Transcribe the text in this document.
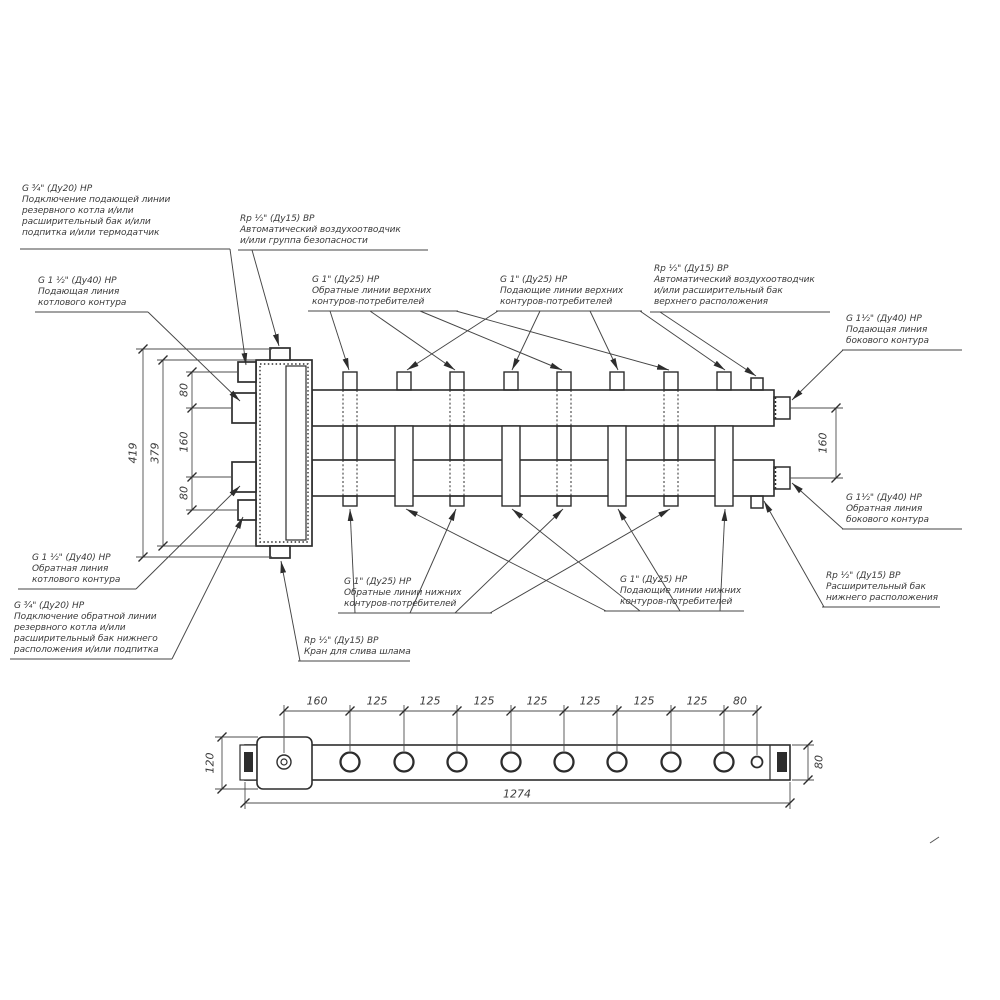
G ¾" (Ду20) НР
Подключение подающей линии
резервного котла и/или
расширительный бак и/или
подпитка и/или термодатчик
G 1 ½" (Ду40) НР
Подающая линия
котлового контура
Rp ½" (Ду15) ВР
Автоматический воздухоотводчик
и/или группа безопасности
G 1" (Ду25) НР
Обратные линии верхних
контуров-потребителей
G 1" (Ду25) НР
Подающие линии верхних
контуров-потребителей
Rp ½" (Ду15) ВР
Автоматический воздухоотводчик
и/или расширительный бак
верхнего расположения
G 1½" (Ду40) НР
Подающая линия
бокового контура
G 1½" (Ду40) НР
Обратная линия
бокового контура
Rp ½" (Ду15) ВР
Расширительный бак
нижнего расположения
G 1" (Ду25) НР
Обратные линии нижних
контуров-потребителей
G 1" (Ду25) НР
Подающие линии нижних
контуров-потребителей
Rp ½" (Ду15) ВР
Кран для слива шлама
G 1 ½" (Ду40) НР
Обратная линия
котлового контура
G ¾" (Ду20) НР
Подключение обратной линии
резервного котла и/или
расширительный бак нижнего
расположения и/или подпитка
419 379
80
160
80
160
160	125	125	125	125	125	125	125 80
1274
120	80
